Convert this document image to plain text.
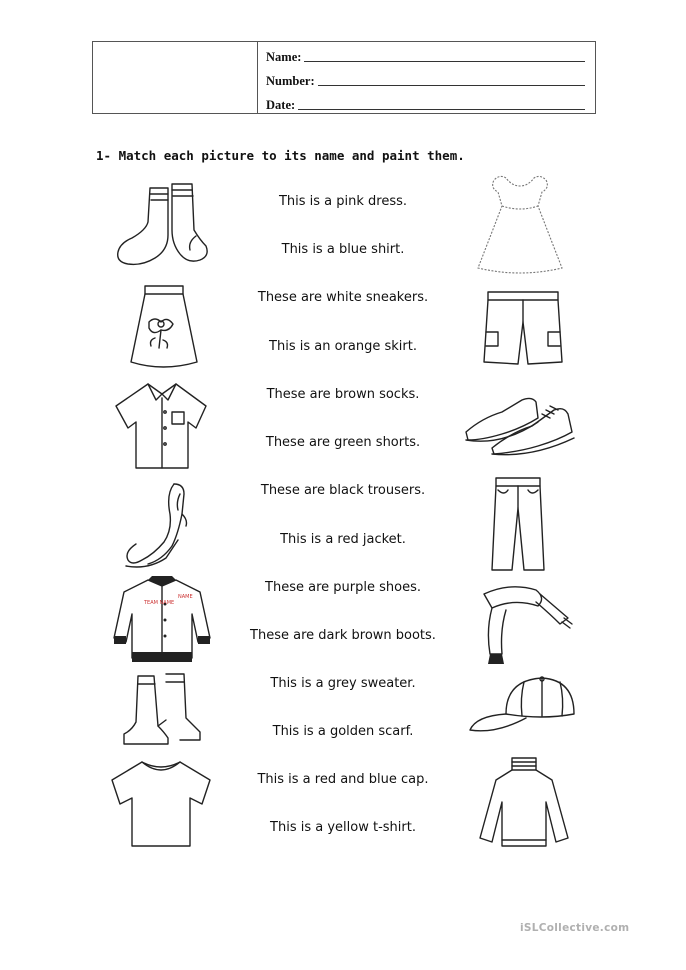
Name:
Number:
Date:
1- Match each picture to its name and paint them.
This is a pink dress.
This is a blue shirt.
These are white sneakers.
This is an orange skirt.
These are brown socks.
These are green shorts.
These are black trousers.
This is a red jacket.
These are purple shoes.
These are dark brown boots.
This is a grey sweater.
This is a golden scarf.
This is a red and blue cap.
This is a yellow t-shirt.
TEAM NAME
NAME
iSLCollective.com
